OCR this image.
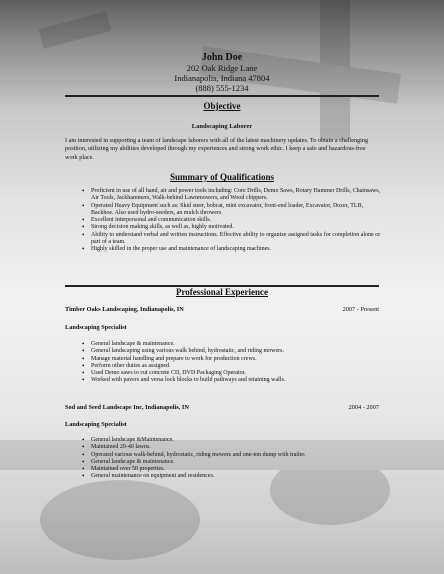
John Doe
202 Oak Ridge Lane
Indianapolis, Indiana 47804
(888) 555-1234
Objective
Landscaping Laborer
I am interested in supporting a team of landscape laborers with all of the latest machinery updates. To obtain a challenging position, utilizing my abilities developed through my experiences and strong work ethic. I keep a safe and hazardous-free work place.
Summary of Qualifications
• Proficient in use of all hand, air and power tools including: Core Drills, Demo Saws, Rotary Hammer Drills, Chainsaws, Air Tools, Jackhammers, Walk-behind Lawnmowers, and Wood chippers.
• Operated Heavy Equipment such as: Skid steer, bobcat, mini excavator, front-end loader, Excavator, Dozer, TLB, Backhoe. Also used hydro-seeders, an mulch throwers
• Excellent interpersonal and communication skills.
• Strong decision making skills, as well as, highly motivated.
• Ability to understand verbal and written instructions. Effective ability to organize assigned tasks for completion alone or part of a team.
• Highly skilled in the proper use and maintenance of landscaping machines.
Professional Experience
Timber Oaks Landscaping, Indianapolis, IN	2007 - Present
Landscaping Specialist
• General landscape & maintenance.
• General landscaping using various walk behind, hydrostatic, and riding mowers.
• Manage material handling and prepare to work for production crews.
• Perform other duties as assigned.
• Used Demo saws to cut concrete CD, DVD Packaging Operator.
• Worked with pavers and versa lock blocks to build pathways and retaining walls.
Sod and Seed Landscape Inc, Indianapolis, IN	2004 - 2007
Landscaping Specialist
• General landscape &Maintenance.
• Maintained 20-40 lawns.
• Operated various walk-behind, hydrostatic, riding mowers and one-ton dump with trailer.
• General landscape & maintenance.
• Maintained over 50 properties.
• General maintenance on equipment and residences.
